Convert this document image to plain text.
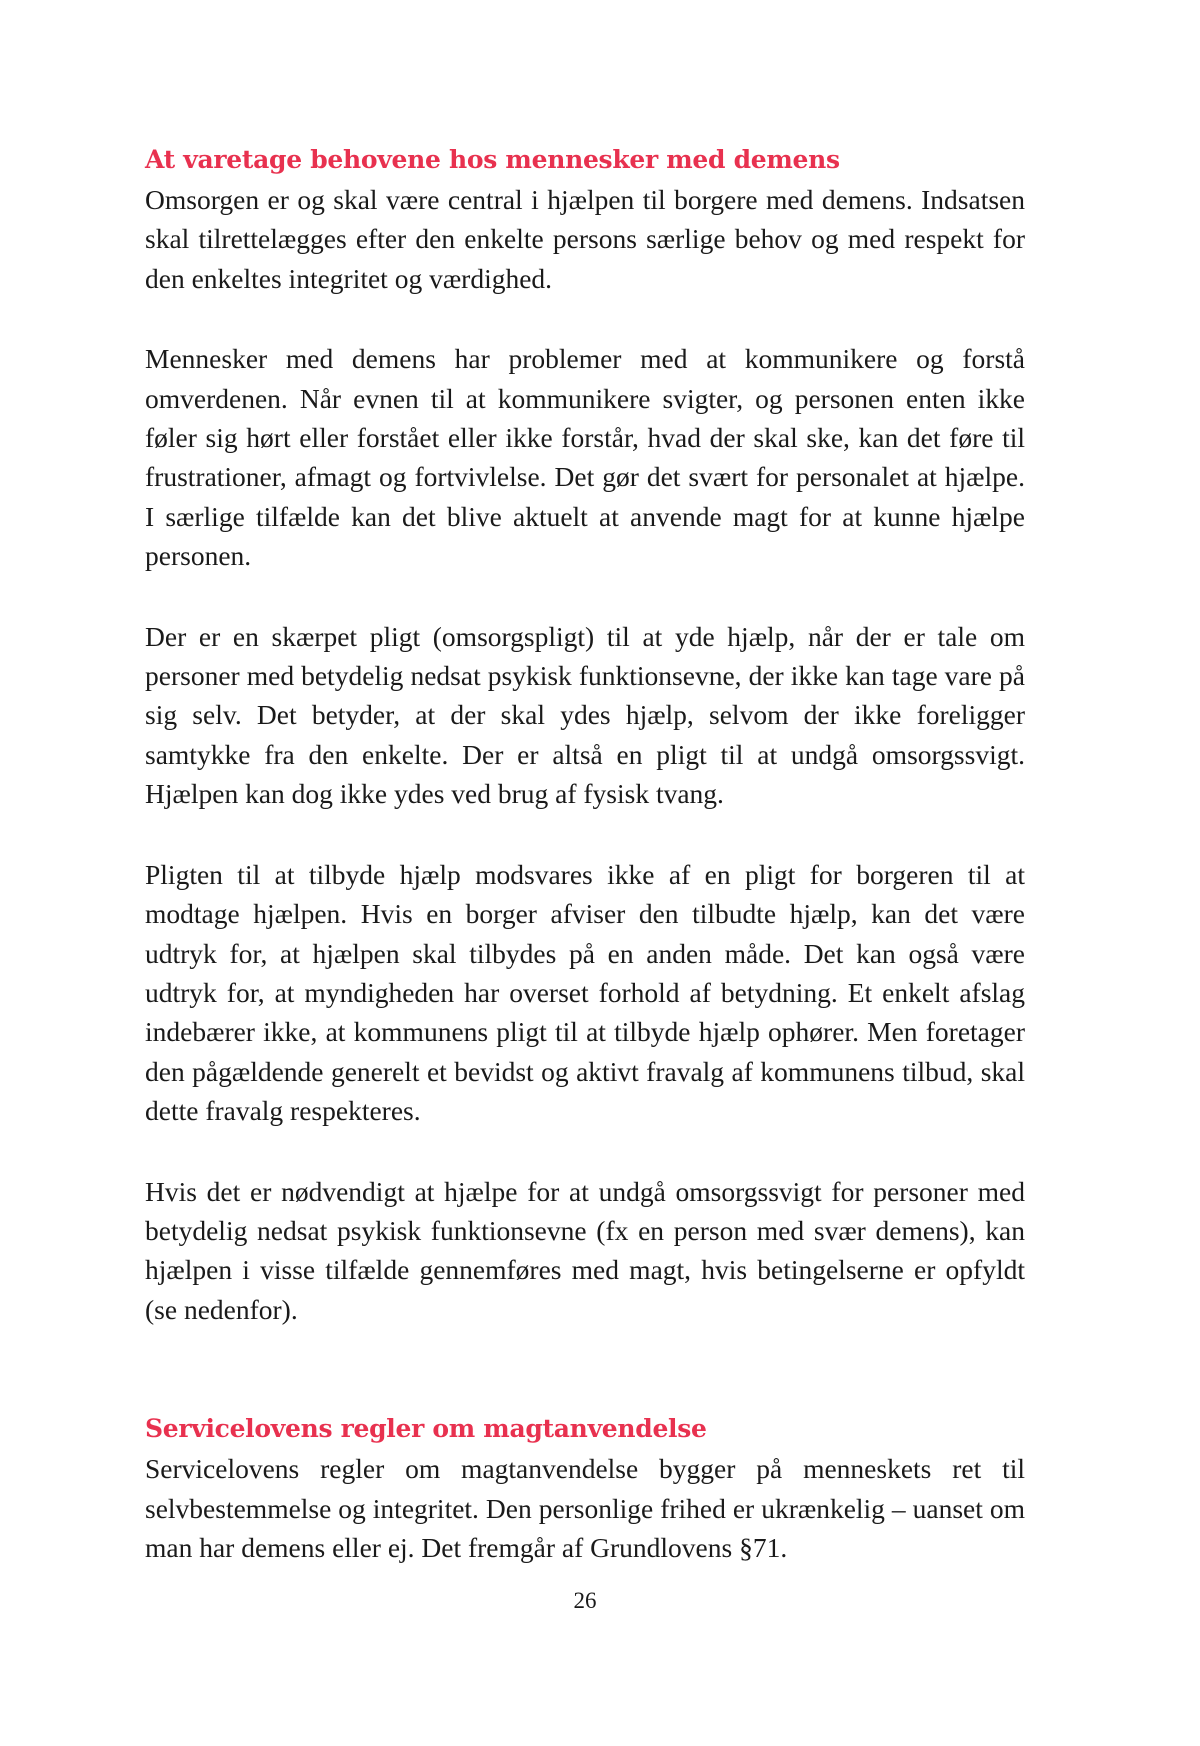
At varetage behovene hos mennesker med demens

Omsorgen er og skal være central i hjælpen til borgere med demens. Indsatsen skal tilrettelægges efter den enkelte persons særlige behov og med respekt for den enkeltes integritet og værdighed.

Mennesker med demens har problemer med at kommunikere og forstå omverdenen. Når evnen til at kommunikere svigter, og personen enten ikke føler sig hørt eller forstået eller ikke forstår, hvad der skal ske, kan det føre til frustrationer, afmagt og fortvivlelse. Det gør det svært for personalet at hjælpe. I særlige tilfælde kan det blive aktuelt at anvende magt for at kunne hjælpe personen.

Der er en skærpet pligt (omsorgspligt) til at yde hjælp, når der er tale om personer med betydelig nedsat psykisk funktionsevne, der ikke kan tage vare på sig selv. Det betyder, at der skal ydes hjælp, selvom der ikke foreligger samtykke fra den enkelte. Der er altså en pligt til at undgå omsorgssvigt. Hjælpen kan dog ikke ydes ved brug af fysisk tvang.

Pligten til at tilbyde hjælp modsvares ikke af en pligt for borgeren til at modtage hjælpen. Hvis en borger afviser den tilbudte hjælp, kan det være udtryk for, at hjælpen skal tilbydes på en anden måde. Det kan også være udtryk for, at myndigheden har overset forhold af betydning. Et enkelt afslag indebærer ikke, at kommunens pligt til at tilbyde hjælp ophører. Men foretager den pågældende generelt et bevidst og aktivt fravalg af kommunens tilbud, skal dette fravalg respekteres.

Hvis det er nødvendigt at hjælpe for at undgå omsorgssvigt for personer med betydelig nedsat psykisk funktionsevne (fx en person med svær demens), kan hjælpen i visse tilfælde gennemføres med magt, hvis betingelserne er opfyldt (se nedenfor).

Servicelovens regler om magtanvendelse

Servicelovens regler om magtanvendelse bygger på menneskets ret til selvbestemmelse og integritet. Den personlige frihed er ukrænkelig – uanset om man har demens eller ej. Det fremgår af Grundlovens §71.

26
